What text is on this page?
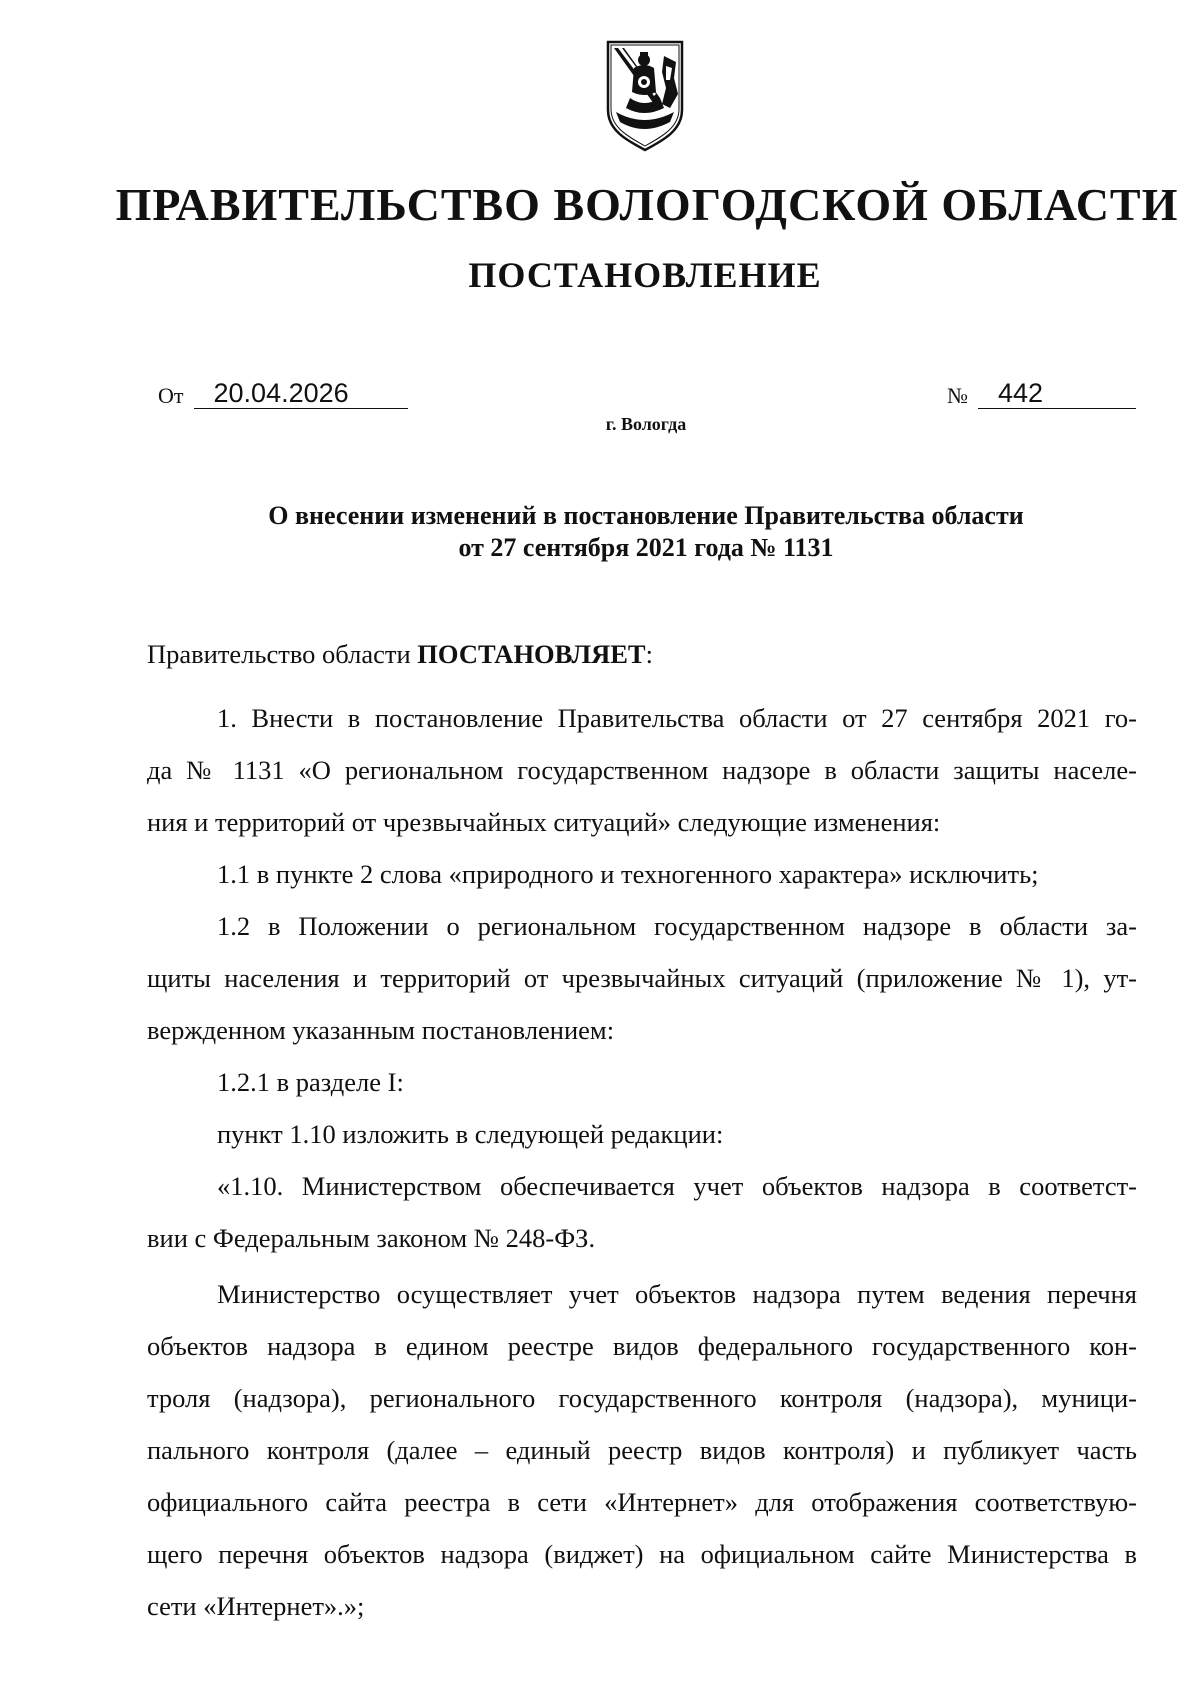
ПРАВИТЕЛЬСТВО ВОЛОГОДСКОЙ ОБЛАСТИ
ПОСТАНОВЛЕНИЕ
От 20.04.2026	№ 442
г. Вологда
О внесении изменений в постановление Правительства области
от 27 сентября 2021 года № 1131

Правительство области ПОСТАНОВЛЯЕТ:

1. Внести в постановление Правительства области от 27 сентября 2021 го-
да № 1131 «О региональном государственном надзоре в области защиты населе-
ния и территорий от чрезвычайных ситуаций» следующие изменения:

1.1 в пункте 2 слова «природного и техногенного характера» исключить;

1.2 в Положении о региональном государственном надзоре в области за-
щиты населения и территорий от чрезвычайных ситуаций (приложение № 1), ут-
вержденном указанным постановлением:

1.2.1 в разделе I:

пункт 1.10 изложить в следующей редакции:

«1.10. Министерством обеспечивается учет объектов надзора в соответст-
вии с Федеральным законом № 248-ФЗ.

Министерство осуществляет учет объектов надзора путем ведения перечня
объектов надзора в едином реестре видов федерального государственного кон-
троля (надзора), регионального государственного контроля (надзора), муници-
пального контроля (далее – единый реестр видов контроля) и публикует часть
официального сайта реестра в сети «Интернет» для отображения соответствую-
щего перечня объектов надзора (виджет) на официальном сайте Министерства в
сети «Интернет».»;
